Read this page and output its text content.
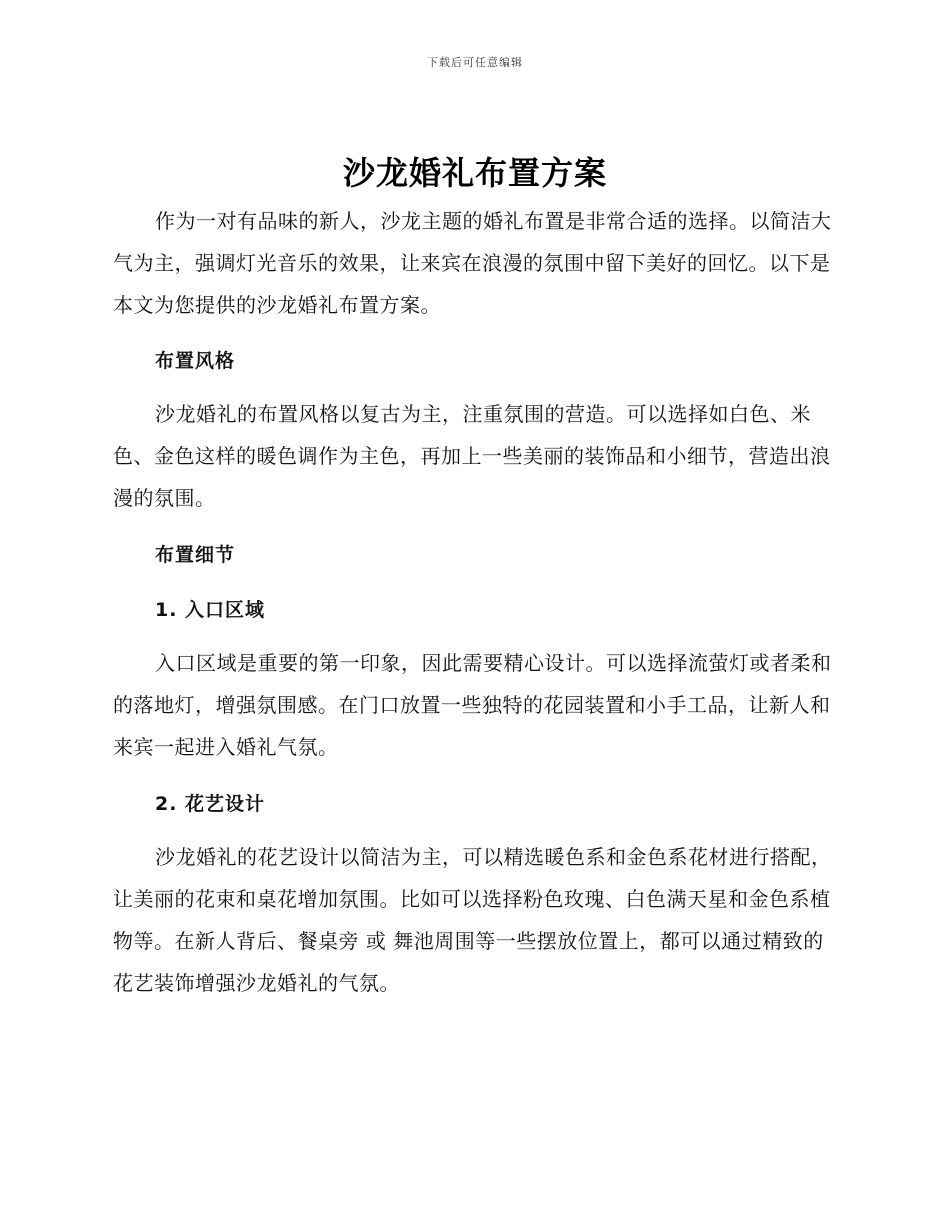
下载后可任意编辑
沙龙婚礼布置方案

作为一对有品味的新人，沙龙主题的婚礼布置是非常合适的选择。以简洁大气为主，强调灯光音乐的效果，让来宾在浪漫的氛围中留下美好的回忆。以下是本文为您提供的沙龙婚礼布置方案。

布置风格

沙龙婚礼的布置风格以复古为主，注重氛围的营造。可以选择如白色、米色、金色这样的暖色调作为主色，再加上一些美丽的装饰品和小细节，营造出浪漫的氛围。

布置细节
1. 入口区域

入口区域是重要的第一印象，因此需要精心设计。可以选择流萤灯或者柔和的落地灯，增强氛围感。在门口放置一些独特的花园装置和小手工品，让新人和来宾一起进入婚礼气氛。

2. 花艺设计

沙龙婚礼的花艺设计以简洁为主，可以精选暖色系和金色系花材进行搭配，让美丽的花束和桌花增加氛围。比如可以选择粉色玫瑰、白色满天星和金色系植物等。在新人背后、餐桌旁 或 舞池周围等一些摆放位置上，都可以通过精致的花艺装饰增强沙龙婚礼的气氛。
